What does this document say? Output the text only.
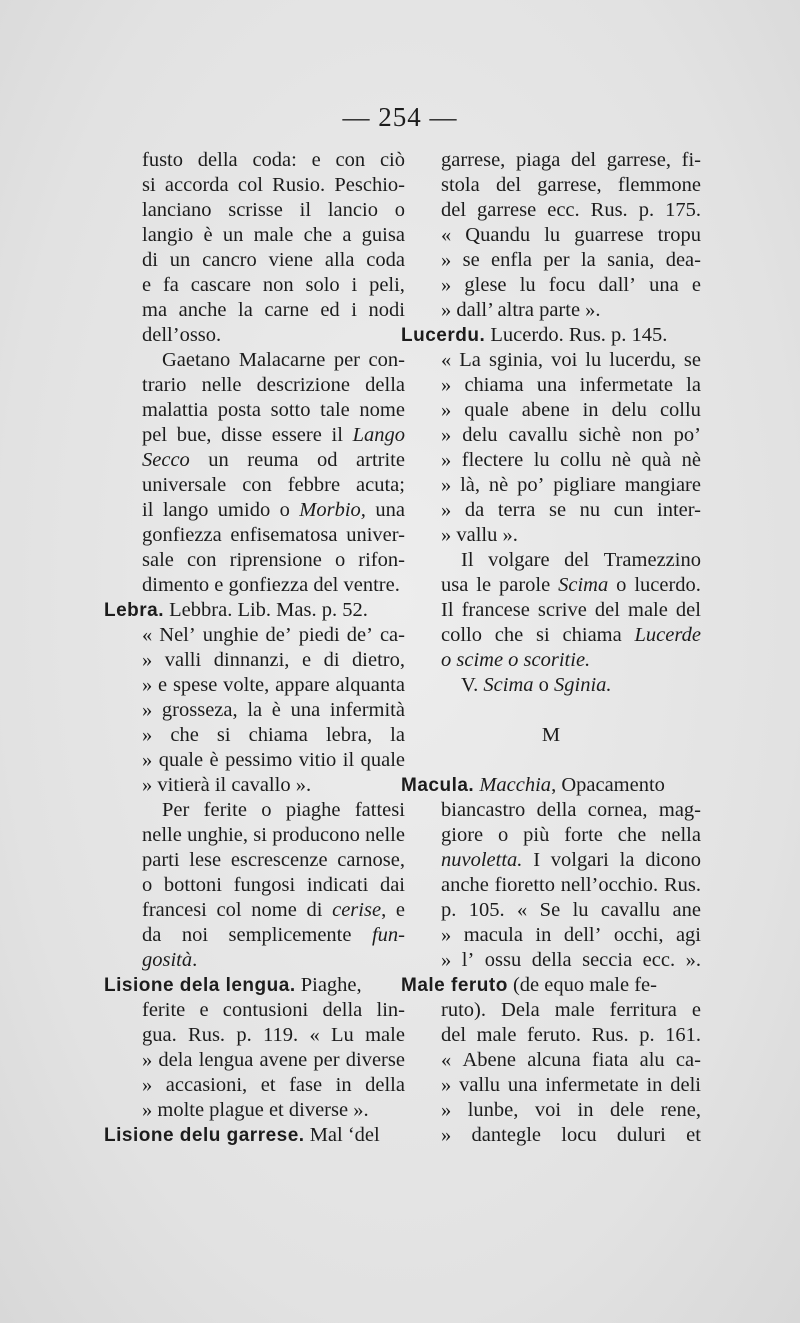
— 254 —
fusto della coda: e con ciò
si accorda col Rusio. Peschio-
lanciano scrisse il lancio o
langio è un male che a guisa
di un cancro viene alla coda
e fa cascare non solo i peli,
ma anche la carne ed i nodi
dell’osso.
Gaetano Malacarne per con-
trario nelle descrizione della
malattia posta sotto tale nome
pel bue, disse essere il Lango
Secco un reuma od artrite
universale con febbre acuta;
il lango umido o Morbio, una
gonfiezza enfisematosa univer-
sale con riprensione o rifon-
dimento e gonfiezza del ventre.
Lebra. Lebbra. Lib. Mas. p. 52.
« Nel’ unghie de’ piedi de’ ca-
» valli dinnanzi, e di dietro,
» e spese volte, appare alquanta
» grosseza, la è una infermità
» che si chiama lebra, la
» quale è pessimo vitio il quale
» vitierà il cavallo ».
Per ferite o piaghe fattesi
nelle unghie, si producono nelle
parti lese escrescenze carnose,
o bottoni fungosi indicati dai
francesi col nome di cerise, e
da noi semplicemente fun-
gosità.
Lisione dela lengua. Piaghe,
ferite e contusioni della lin-
gua. Rus. p. 119. « Lu male
» dela lengua avene per diverse
» accasioni, et fase in della
» molte plague et diverse ».
Lisione delu garrese. Mal ‘del
garrese, piaga del garrese, fi-
stola del garrese, flemmone
del garrese ecc. Rus. p. 175.
« Quandu lu guarrese tropu
» se enfla per la sania, dea-
» glese lu focu dall’ una e
» dall’ altra parte ».
Lucerdu. Lucerdo. Rus. p. 145.
« La sginia, voi lu lucerdu, se
» chiama una infermetate la
» quale abene in delu collu
» delu cavallu sichè non po’
» flectere lu collu nè quà nè
» là, nè po’ pigliare mangiare
» da terra se nu cun inter-
» vallu ».
Il volgare del Tramezzino
usa le parole Scima o lucerdo.
Il francese scrive del male del
collo che si chiama Lucerde
o scime o scoritie.
V. Scima o Sginia.
M
Macula. Macchia, Opacamento
biancastro della cornea, mag-
giore o più forte che nella
nuvoletta. I volgari la dicono
anche fioretto nell’occhio. Rus.
p. 105. « Se lu cavallu ane
» macula in dell’ occhi, agi
» l’ ossu della seccia ecc. ».
Male feruto (de equo male fe-
ruto). Dela male ferritura e
del male feruto. Rus. p. 161.
« Abene alcuna fiata alu ca-
» vallu una infermetate in deli
» lunbe, voi in dele rene,
» dantegle locu duluri et
